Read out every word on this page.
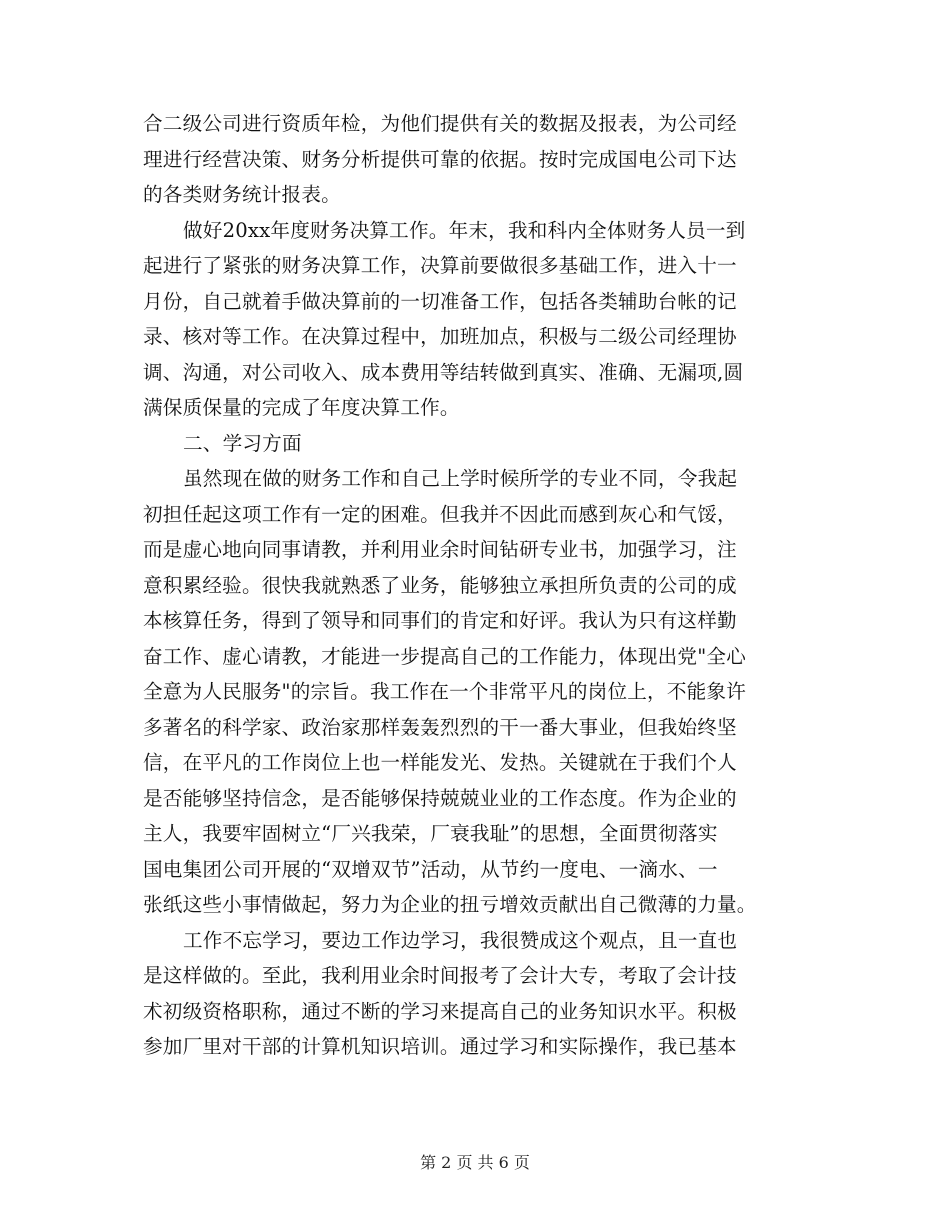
合二级公司进行资质年检，为他们提供有关的数据及报表，为公司经
理进行经营决策、财务分析提供可靠的依据。按时完成国电公司下达
的各类财务统计报表。
做好20xx年度财务决算工作。年末，我和科内全体财务人员一到
起进行了紧张的财务决算工作，决算前要做很多基础工作，进入十一
月份，自己就着手做决算前的一切准备工作，包括各类辅助台帐的记
录、核对等工作。在决算过程中，加班加点，积极与二级公司经理协
调、沟通，对公司收入、成本费用等结转做到真实、准确、无漏项,圆
满保质保量的完成了年度决算工作。
二、学习方面
虽然现在做的财务工作和自己上学时候所学的专业不同，令我起
初担任起这项工作有一定的困难。但我并不因此而感到灰心和气馁，
而是虚心地向同事请教，并利用业余时间钻研专业书，加强学习，注
意积累经验。很快我就熟悉了业务，能够独立承担所负责的公司的成
本核算任务，得到了领导和同事们的肯定和好评。我认为只有这样勤
奋工作、虚心请教，才能进一步提高自己的工作能力，体现出党"全心
全意为人民服务"的宗旨。我工作在一个非常平凡的岗位上，不能象许
多著名的科学家、政治家那样轰轰烈烈的干一番大事业，但我始终坚
信，在平凡的工作岗位上也一样能发光、发热。关键就在于我们个人
是否能够坚持信念，是否能够保持兢兢业业的工作态度。作为企业的
主人，我要牢固树立“厂兴我荣，厂衰我耻”的思想，全面贯彻落实
国电集团公司开展的“双增双节”活动，从节约一度电、一滴水、一
张纸这些小事情做起，努力为企业的扭亏增效贡献出自己微薄的力量。
工作不忘学习，要边工作边学习，我很赞成这个观点，且一直也
是这样做的。至此，我利用业余时间报考了会计大专，考取了会计技
术初级资格职称，通过不断的学习来提高自己的业务知识水平。积极
参加厂里对干部的计算机知识培训。通过学习和实际操作，我已基本
第 2 页 共 6 页
